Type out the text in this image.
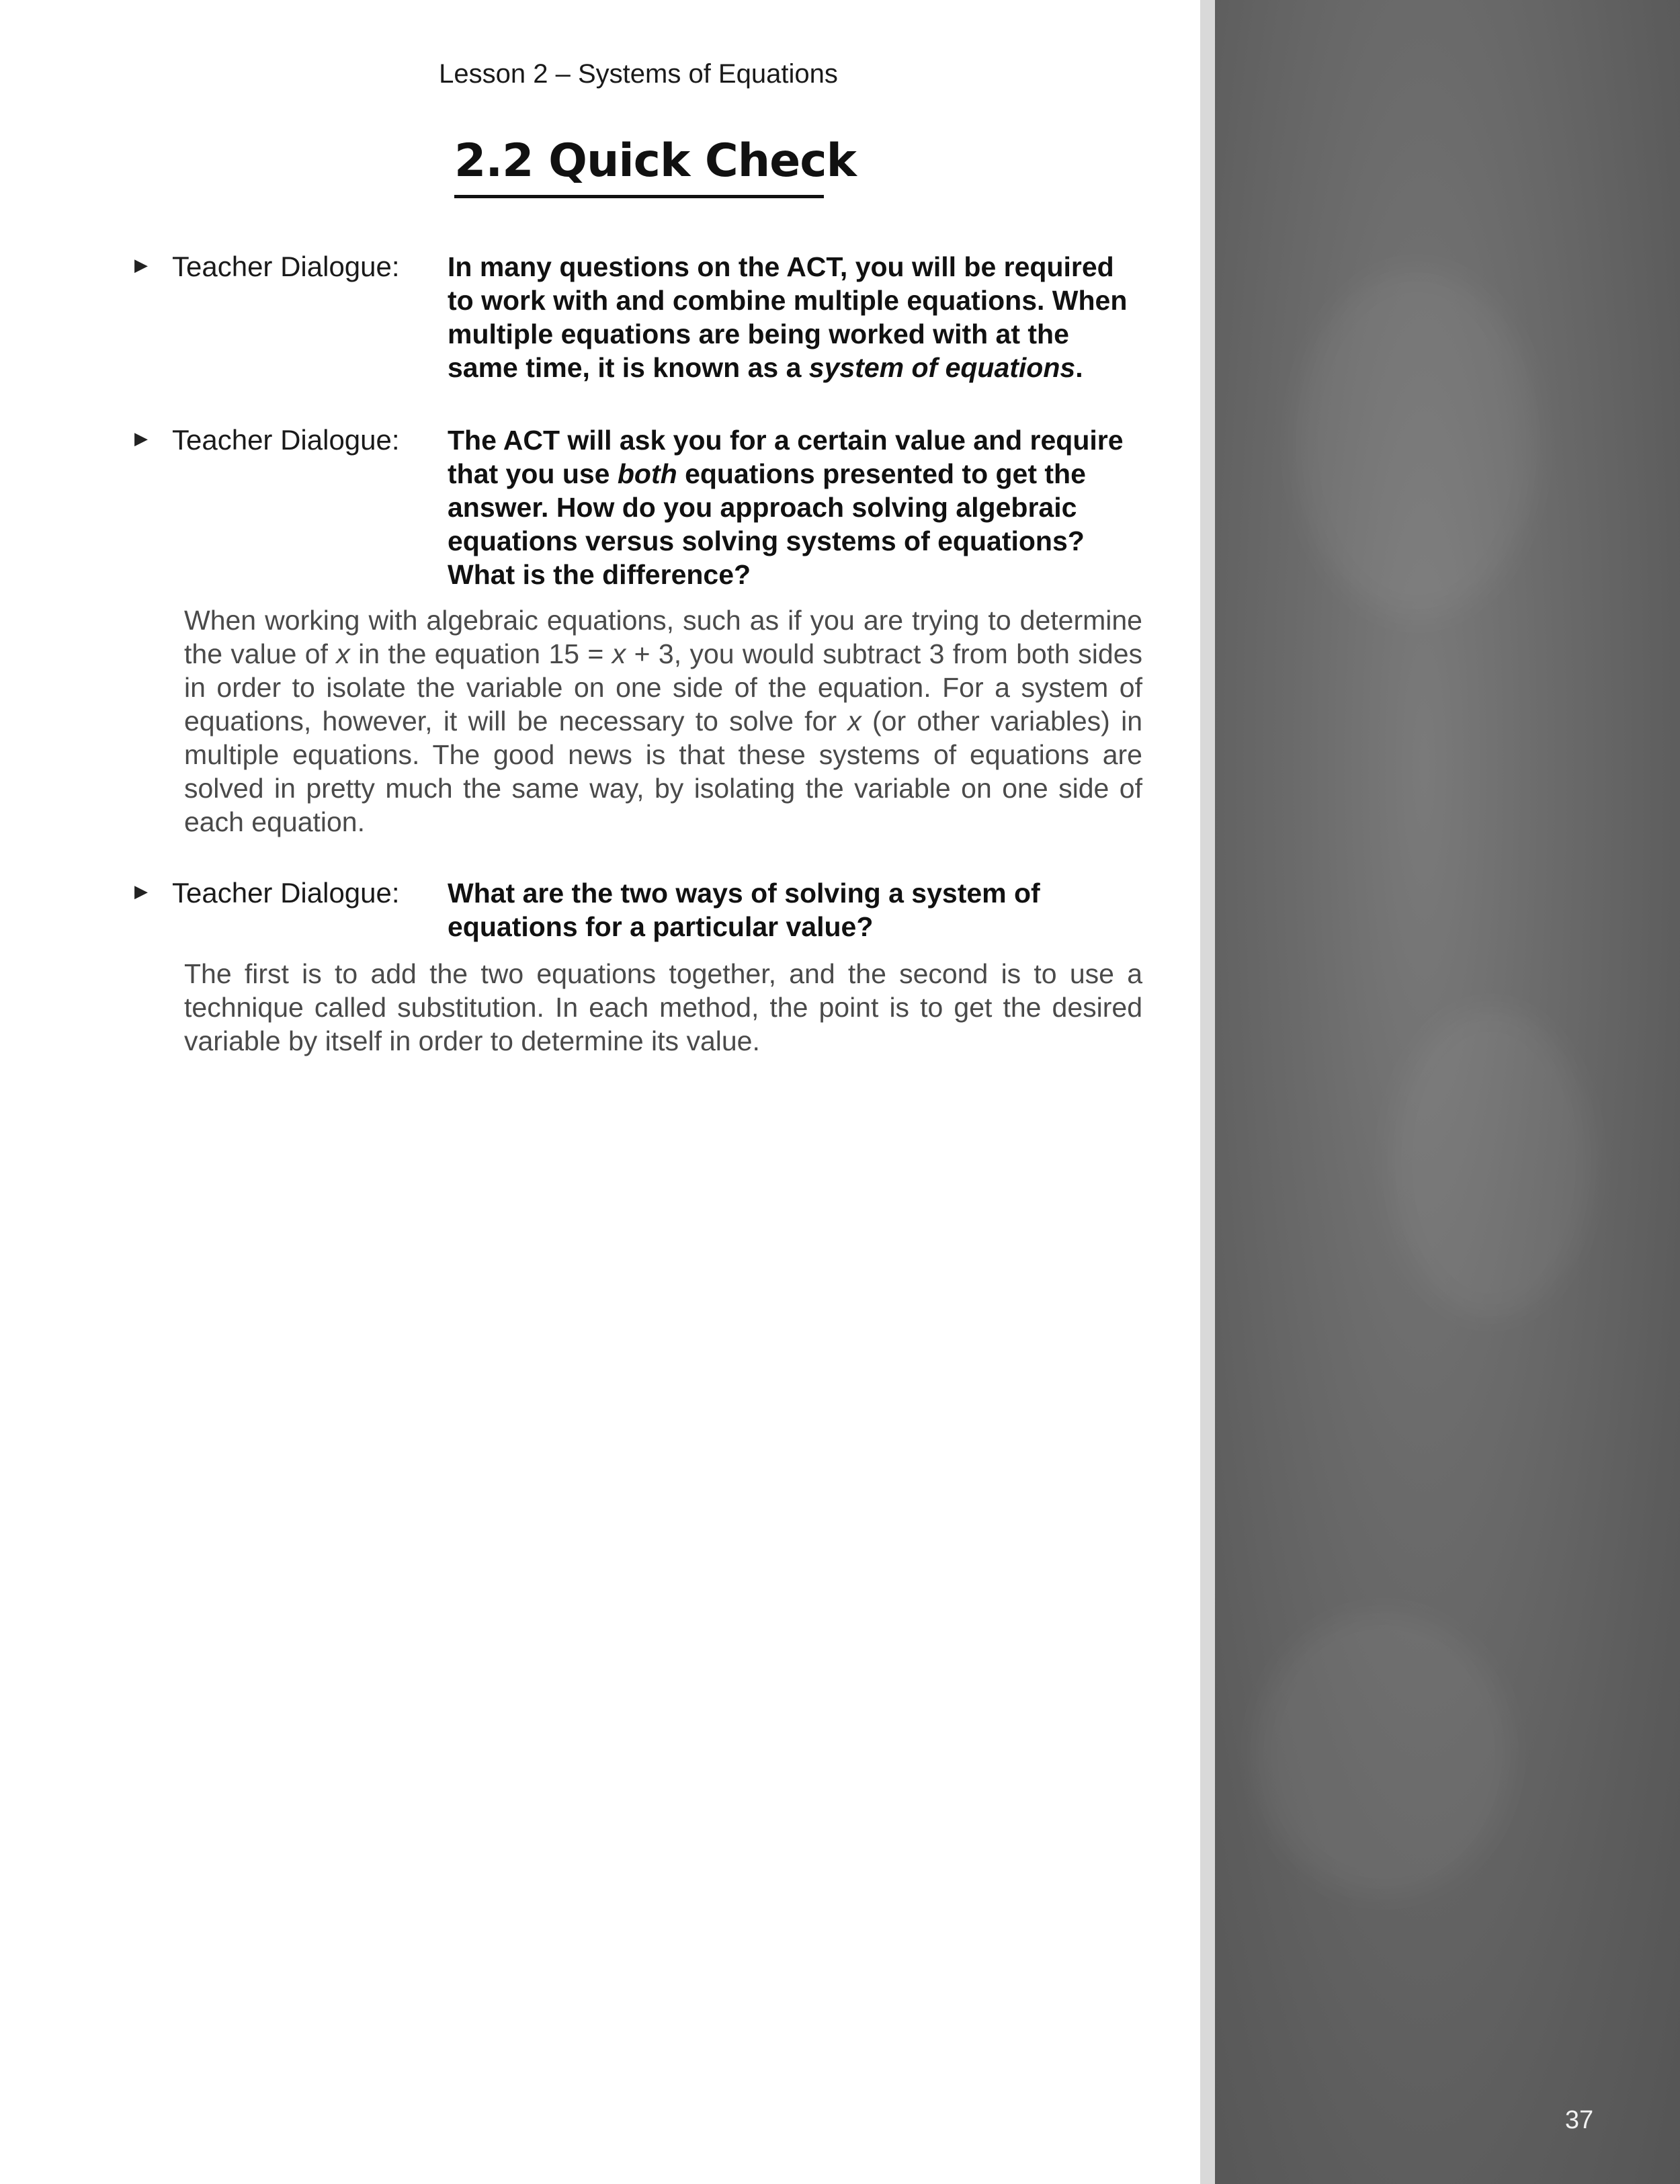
Lesson 2 – Systems of Equations
2.2 Quick Check
▶ Teacher Dialogue: In many questions on the ACT, you will be required to work with and combine multiple equations. When multiple equations are being worked with at the same time, it is known as a system of equations.
▶ Teacher Dialogue: The ACT will ask you for a certain value and require that you use both equations presented to get the answer. How do you approach solving algebraic equations versus solving systems of equations? What is the difference?

When working with algebraic equations, such as if you are trying to determine the value of x in the equation 15 = x + 3, you would subtract 3 from both sides in order to isolate the variable on one side of the equation. For a system of equations, however, it will be necessary to solve for x (or other variables) in multiple equations. The good news is that these systems of equations are solved in pretty much the same way, by isolating the variable on one side of each equation.

▶ Teacher Dialogue: What are the two ways of solving a system of equations for a particular value?

The first is to add the two equations together, and the second is to use a technique called substitution. In each method, the point is to get the desired variable by itself in order to determine its value.

37
